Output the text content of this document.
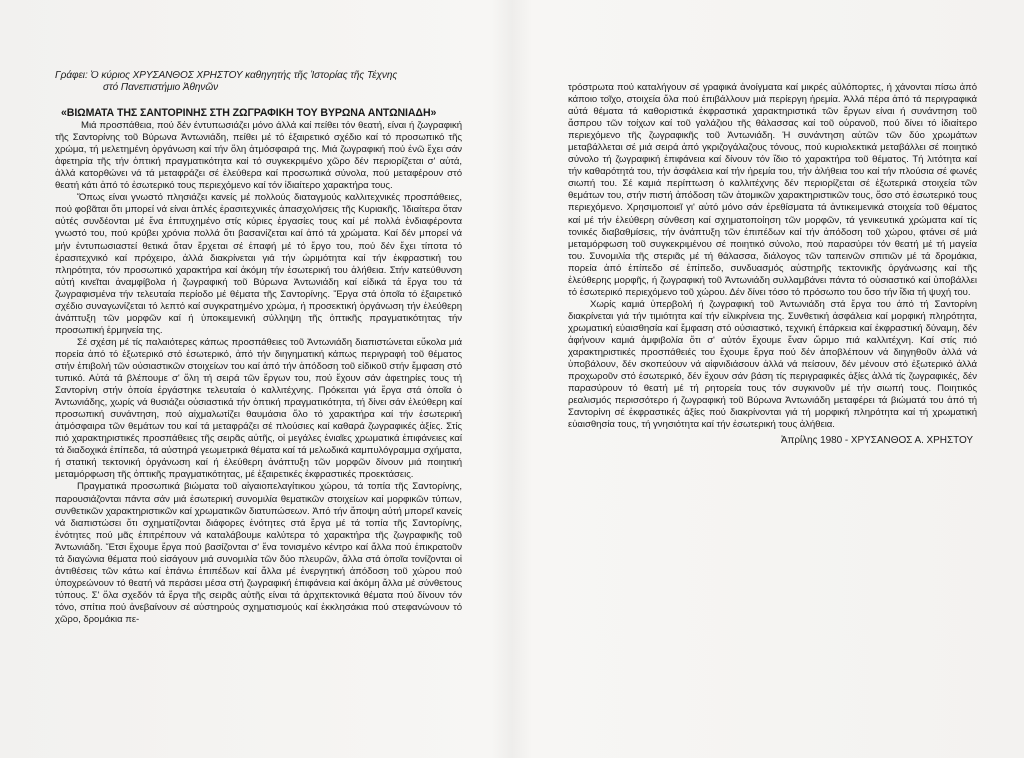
Γράφει: Ὁ κύριος ΧΡΥΣΑΝΘΟΣ ΧΡΗΣΤΟΥ καθηγητής τῆς Ἱστορίας τῆς Τέχνης
στό Πανεπιστήμιο Ἀθηνῶν
«ΒΙΩΜΑΤΑ ΤΗΣ ΣΑΝΤΟΡΙΝΗΣ ΣΤΗ ΖΩΓΡΑΦΙΚΗ ΤΟΥ ΒΥΡΩΝΑ ΑΝΤΩΝΙΑΔΗ»

Μιά προσπάθεια, πού δέν έντυπωσιάζει μόνο άλλά καί πείθει τόν θεατή, είναι ή ζωγραφική τῆς Σαντορίνης τοῦ Βύρωνα Ἀντωνιάδη, πείθει μέ τό ἐξαιρετικό σχέδιο καί τό προσωπικό τῆς χρώμα, τή μελετημένη ὀργάνωση καί τήν ὅλη ἀτμόσφαιρά της. Μιά ζωγραφική πού ἐνῶ ἔχει σάν ἀφετηρία τῆς τήν ὀπτική πραγματικότητα καί τό συγκεκριμένο χῶρο δέν περιορίζεται σ' αὐτά, ἀλλά κατορθώνει νά τά μεταφράζει σέ ἐλεύθερα καί προσωπικά σύνολα, πού μεταφέρουν στό θεατή κάτι ἀπό τό ἐσωτερικό τους περιεχόμενο καί τόν ἰδιαίτερο χαρακτήρα τους.

Ὅπως είναι γνωστό πλησιάζει κανείς μέ πολλούς διαταγμούς καλλιτεχνικές προσπάθειες, πού φοβᾶται ὅτι μπορεί νά είναι ἁπλές ἐρασιτεχνικές ἀπασχολήσεις τῆς Κυριακῆς. Ἰδιαίτερα ὅταν αὐτές συνδέονται μέ ἕνα ἐπιτυχημένο στίς κύριες ἐργασίες τους καί μέ πολλά ἐνδιαφέροντα γνωστό του, πού κρύβει χρόνια πολλά ὅτι βασανίζεται καί ἀπό τά χρώματα. Καί δέν μπορεί νά μήν ἐντυπωσιαστεί θετικά ὅταν ἔρχεται σέ ἐπαφή μέ τό ἔργο του, πού δέν ἔχει τίποτα τό ἐρασιτεχνικό καί πρόχειρο, ἀλλά διακρίνεται γιά τήν ὡριμότητα καί τήν ἐκφραστική του πληρότητα, τόν προσωπικό χαρακτήρα καί ἀκόμη τήν ἐσωτερική του ἀλήθεια. Στήν κατεύθυνση αὐτή κινεῖται ἀναμφίβολα ή ζωγραφική τοῦ Βύρωνα Ἀντωνιάδη καί εἰδικά τά ἔργα του τά ζωγραφισμένα τήν τελευταία περίοδο μέ θέματα τῆς Σαντορίνης. Ἔργα στά ὁποῖα τό ἐξαιρετικό σχέδιο συναγωνίζεται τό λεπτό καί συγκρατημένο χρώμα, ή προσεκτική ὀργάνωση τήν ἐλεύθερη ἀνάπτυξη τῶν μορφῶν καί ή ὑποκειμενική σύλληψη τῆς ὀπτικῆς πραγματικότητας τήν προσωπική ἑρμηνεία της.

Σέ σχέση μέ τίς παλαιότερες κάπως προσπάθειες τοῦ Ἀντωνιάδη διαπιστώνεται εὔκολα μιά πορεία ἀπό τό ἐξωτερικό στό ἐσωτερικό, ἀπό τήν διηγηματική κάπως περιγραφή τοῦ θέματος στήν ἐπιβολή τῶν οὐσιαστικῶν στοιχείων του καί ἀπό τήν ἀπόδοση τοῦ εἰδικοῦ στήν ἔμφαση στό τυπικό. Αὐτά τά βλέπουμε σ' ὅλη τή σειρά τῶν ἔργων του, πού ἔχουν σάν ἀφετηρίες τους τή Σαντορίνη στήν ὁποία ἐργάστηκε τελευταία ὁ καλλιτέχνης. Πρόκειται γιά ἔργα στά ὁποῖα ὁ Ἀντωνιάδης, χωρίς νά θυσιάζει οὐσιαστικά τήν ὀπτική πραγματικότητα, τή δίνει σάν ἐλεύθερη καί προσωπική συνάντηση, πού αἰχμαλωτίζει θαυμάσια ὅλο τό χαρακτήρα καί τήν ἐσωτερική ἀτμόσφαιρα τῶν θεμάτων του καί τά μεταφράζει σέ πλούσιες καί καθαρά ζωγραφικές ἀξίες. Στίς πιό χαρακτηριστικές προσπάθειες τῆς σειρᾶς αὐτῆς, οἱ μεγάλες ἑνιαῖες χρωματικά ἐπιφάνειες καί τά διαδοχικά ἐπίπεδα, τά αὐστηρά γεωμετρικά θέματα καί τά μελωδικά καμπυλόγραμμα σχήματα, ή στατική τεκτονική ὀργάνωση καί ή ἐλεύθερη ἀνάπτυξη τῶν μορφῶν δίνουν μιά ποιητική μεταμόρφωση τῆς ὀπτικῆς πραγματικότητας, μέ ἐξαιρετικές ἐκφραστικές προεκτάσεις.

Πραγματικά προσωπικά βιώματα τοῦ αἰγαιοπελαγίτικου χώρου, τά τοπία τῆς Σαντορίνης, παρουσιάζονται πάντα σάν μιά ἐσωτερική συνομιλία θεματικῶν στοιχείων καί μορφικῶν τύπων, συνθετικῶν χαρακτηριστικῶν καί χρωματικῶν διατυπώσεων. Ἀπό τήν ἄποψη αὐτή μπορεῖ κανείς νά διαπιστώσει ὅτι σχηματίζονται διάφορες ἑνότητες στά ἔργα μέ τά τοπία τῆς Σαντορίνης, ἑνότητες πού μᾶς ἐπιτρέπουν νά καταλάβουμε καλύτερα τό χαρακτήρα τῆς ζωγραφικῆς τοῦ Ἀντωνιάδη. Ἔτσι ἔχουμε ἔργα πού βασίζονται σ' ἕνα τονισμένο κέντρο καί ἄλλα πού ἐπικρατοῦν τά διαγώνια θέματα πού εἰσάγουν μιά συνομιλία τῶν δύο πλευρῶν, ἄλλα στά ὁποῖα τονίζονται οἱ ἀντιθέσεις τῶν κάτω καί ἐπάνω ἐπιπέδων καί ἄλλα μέ ἐνεργητική ἀπόδοση τοῦ χώρου πού ὑποχρεώνουν τό θεατή νά περάσει μέσα στή ζωγραφική ἐπιφάνεια καί ἀκόμη ἄλλα μέ σύνθετους τύπους. Σ' ὅλα σχεδόν τά ἔργα τῆς σειρᾶς αὐτῆς είναι τά ἀρχιτεκτονικά θέματα πού δίνουν τόν τόνο, σπίτια πού ἀνεβαίνουν σέ αὐστηρούς σχηματισμούς καί ἐκκλησάκια πού στεφανώνουν τό χῶρο, δρομάκια πε-

τρόστρωτα πού καταλήγουν σέ γραφικά ἀνοίγματα καί μικρές αὐλόπορτες, ή χάνονται πίσω ἀπό κάποιο τοῖχο, στοιχεία ὅλα πού ἐπιβάλλουν μιά περίεργη ἠρεμία. Ἀλλά πέρα ἀπό τά περιγραφικά αὐτά θέματα τά καθοριστικά ἐκφραστικά χαρακτηριστικά τῶν ἔργων είναι ή συνάντηση τοῦ ἄσπρου τῶν τοίχων καί τοῦ γαλάζιου τῆς θάλασσας καί τοῦ οὐρανοῦ, πού δίνει τό ἰδιαίτερο περιεχόμενο τῆς ζωγραφικῆς τοῦ Ἀντωνιάδη. Ἡ συνάντηση αὐτῶν τῶν δύο χρωμάτων μεταβάλλεται σέ μιά σειρά ἀπό γκριζογάλαζους τόνους, πού κυριολεκτικά μεταβάλλει σέ ποιητικό σύνολο τή ζωγραφική ἐπιφάνεια καί δίνουν τόν ἴδιο τό χαρακτήρα τοῦ θέματος. Τή λιτότητα καί τήν καθαρότητά του, τήν ἀσφάλεια καί τήν ἠρεμία του, τήν ἀλήθεια του καί τήν πλούσια σέ φωνές σιωπή του. Σέ καμιά περίπτωση ὁ καλλιτέχνης δέν περιορίζεται σέ ἐξωτερικά στοιχεία τῶν θεμάτων του, στήν πιστή ἀπόδοση τῶν ἀτομικῶν χαρακτηριστικῶν τους, ὅσο στό ἐσωτερικό τους περιεχόμενο. Χρησιμοποιεῖ γι' αὐτό μόνο σάν ἐρεθίσματα τά ἀντικειμενικά στοιχεία τοῦ θέματος καί μέ τήν ἐλεύθερη σύνθεση καί σχηματοποίηση τῶν μορφῶν, τά γενικευτικά χρώματα καί τίς τονικές διαβαθμίσεις, τήν ἀνάπτυξη τῶν ἐπιπέδων καί τήν ἀπόδοση τοῦ χώρου, φτάνει σέ μιά μεταμόρφωση τοῦ συγκεκριμένου σέ ποιητικό σύνολο, πού παρασύρει τόν θεατή μέ τή μαγεία του. Συνομιλία τῆς στεριᾶς μέ τή θάλασσα, διάλογος τῶν ταπεινῶν σπιτιῶν μέ τά δρομάκια, πορεία ἀπό ἐπίπεδο σέ ἐπίπεδο, συνδυασμός αὐστηρῆς τεκτονικῆς ὀργάνωσης καί τῆς ἐλεύθερης μορφῆς, ή ζωγραφική τοῦ Ἀντωνιάδη συλλαμβάνει πάντα τό οὐσιαστικό καί ὑποβάλλει τό ἐσωτερικό περιεχόμενο τοῦ χώρου. Δέν δίνει τόσο τό πρόσωπο του ὅσο τήν ἴδια τή ψυχή του.

Χωρίς καμιά ὑπερβολή ή ζωγραφική τοῦ Ἀντωνιάδη στά ἔργα του ἀπό τή Σαντορίνη διακρίνεται γιά τήν τιμιότητα καί τήν εἰλικρίνεια της. Συνθετική ἀσφάλεια καί μορφική πληρότητα, χρωματική εὐαισθησία καί ἔμφαση στό οὐσιαστικό, τεχνική ἐπάρκεια καί ἐκφραστική δύναμη, δέν ἀφήνουν καμιά ἀμφιβολία ὅτι σ' αὐτόν ἔχουμε ἕναν ὥριμο πιά καλλιτέχνη. Καί στίς πιό χαρακτηριστικές προσπάθειές του ἔχουμε ἔργα πού δέν ἀποβλέπουν νά διηγηθοῦν ἀλλά νά ὑποβάλουν, δέν σκοπεύουν νά αἰφνιδιάσουν ἀλλά νά πείσουν, δέν μένουν στό ἐξωτερικό ἀλλά προχωροῦν στό ἐσωτερικό, δέν ἔχουν σάν βάση τίς περιγραφικές ἀξίες ἀλλά τίς ζωγραφικές, δέν παρασύρουν τό θεατή μέ τή ρητορεία τους τόν συγκινοῦν μέ τήν σιωπή τους. Ποιητικός ρεαλισμός περισσότερο ή ζωγραφική τοῦ Βύρωνα Ἀντωνιάδη μεταφέρει τά βιώματά του ἀπό τή Σαντορίνη σέ ἐκφραστικές ἀξίες πού διακρίνονται γιά τή μορφική πληρότητα καί τή χρωματική εὐαισθησία τους, τή γνησιότητα καί τήν ἐσωτερική τους ἀλήθεια.

Ἀπρίλης 1980 - ΧΡΥΣΑΝΘΟΣ Α. ΧΡΗΣΤΟΥ
